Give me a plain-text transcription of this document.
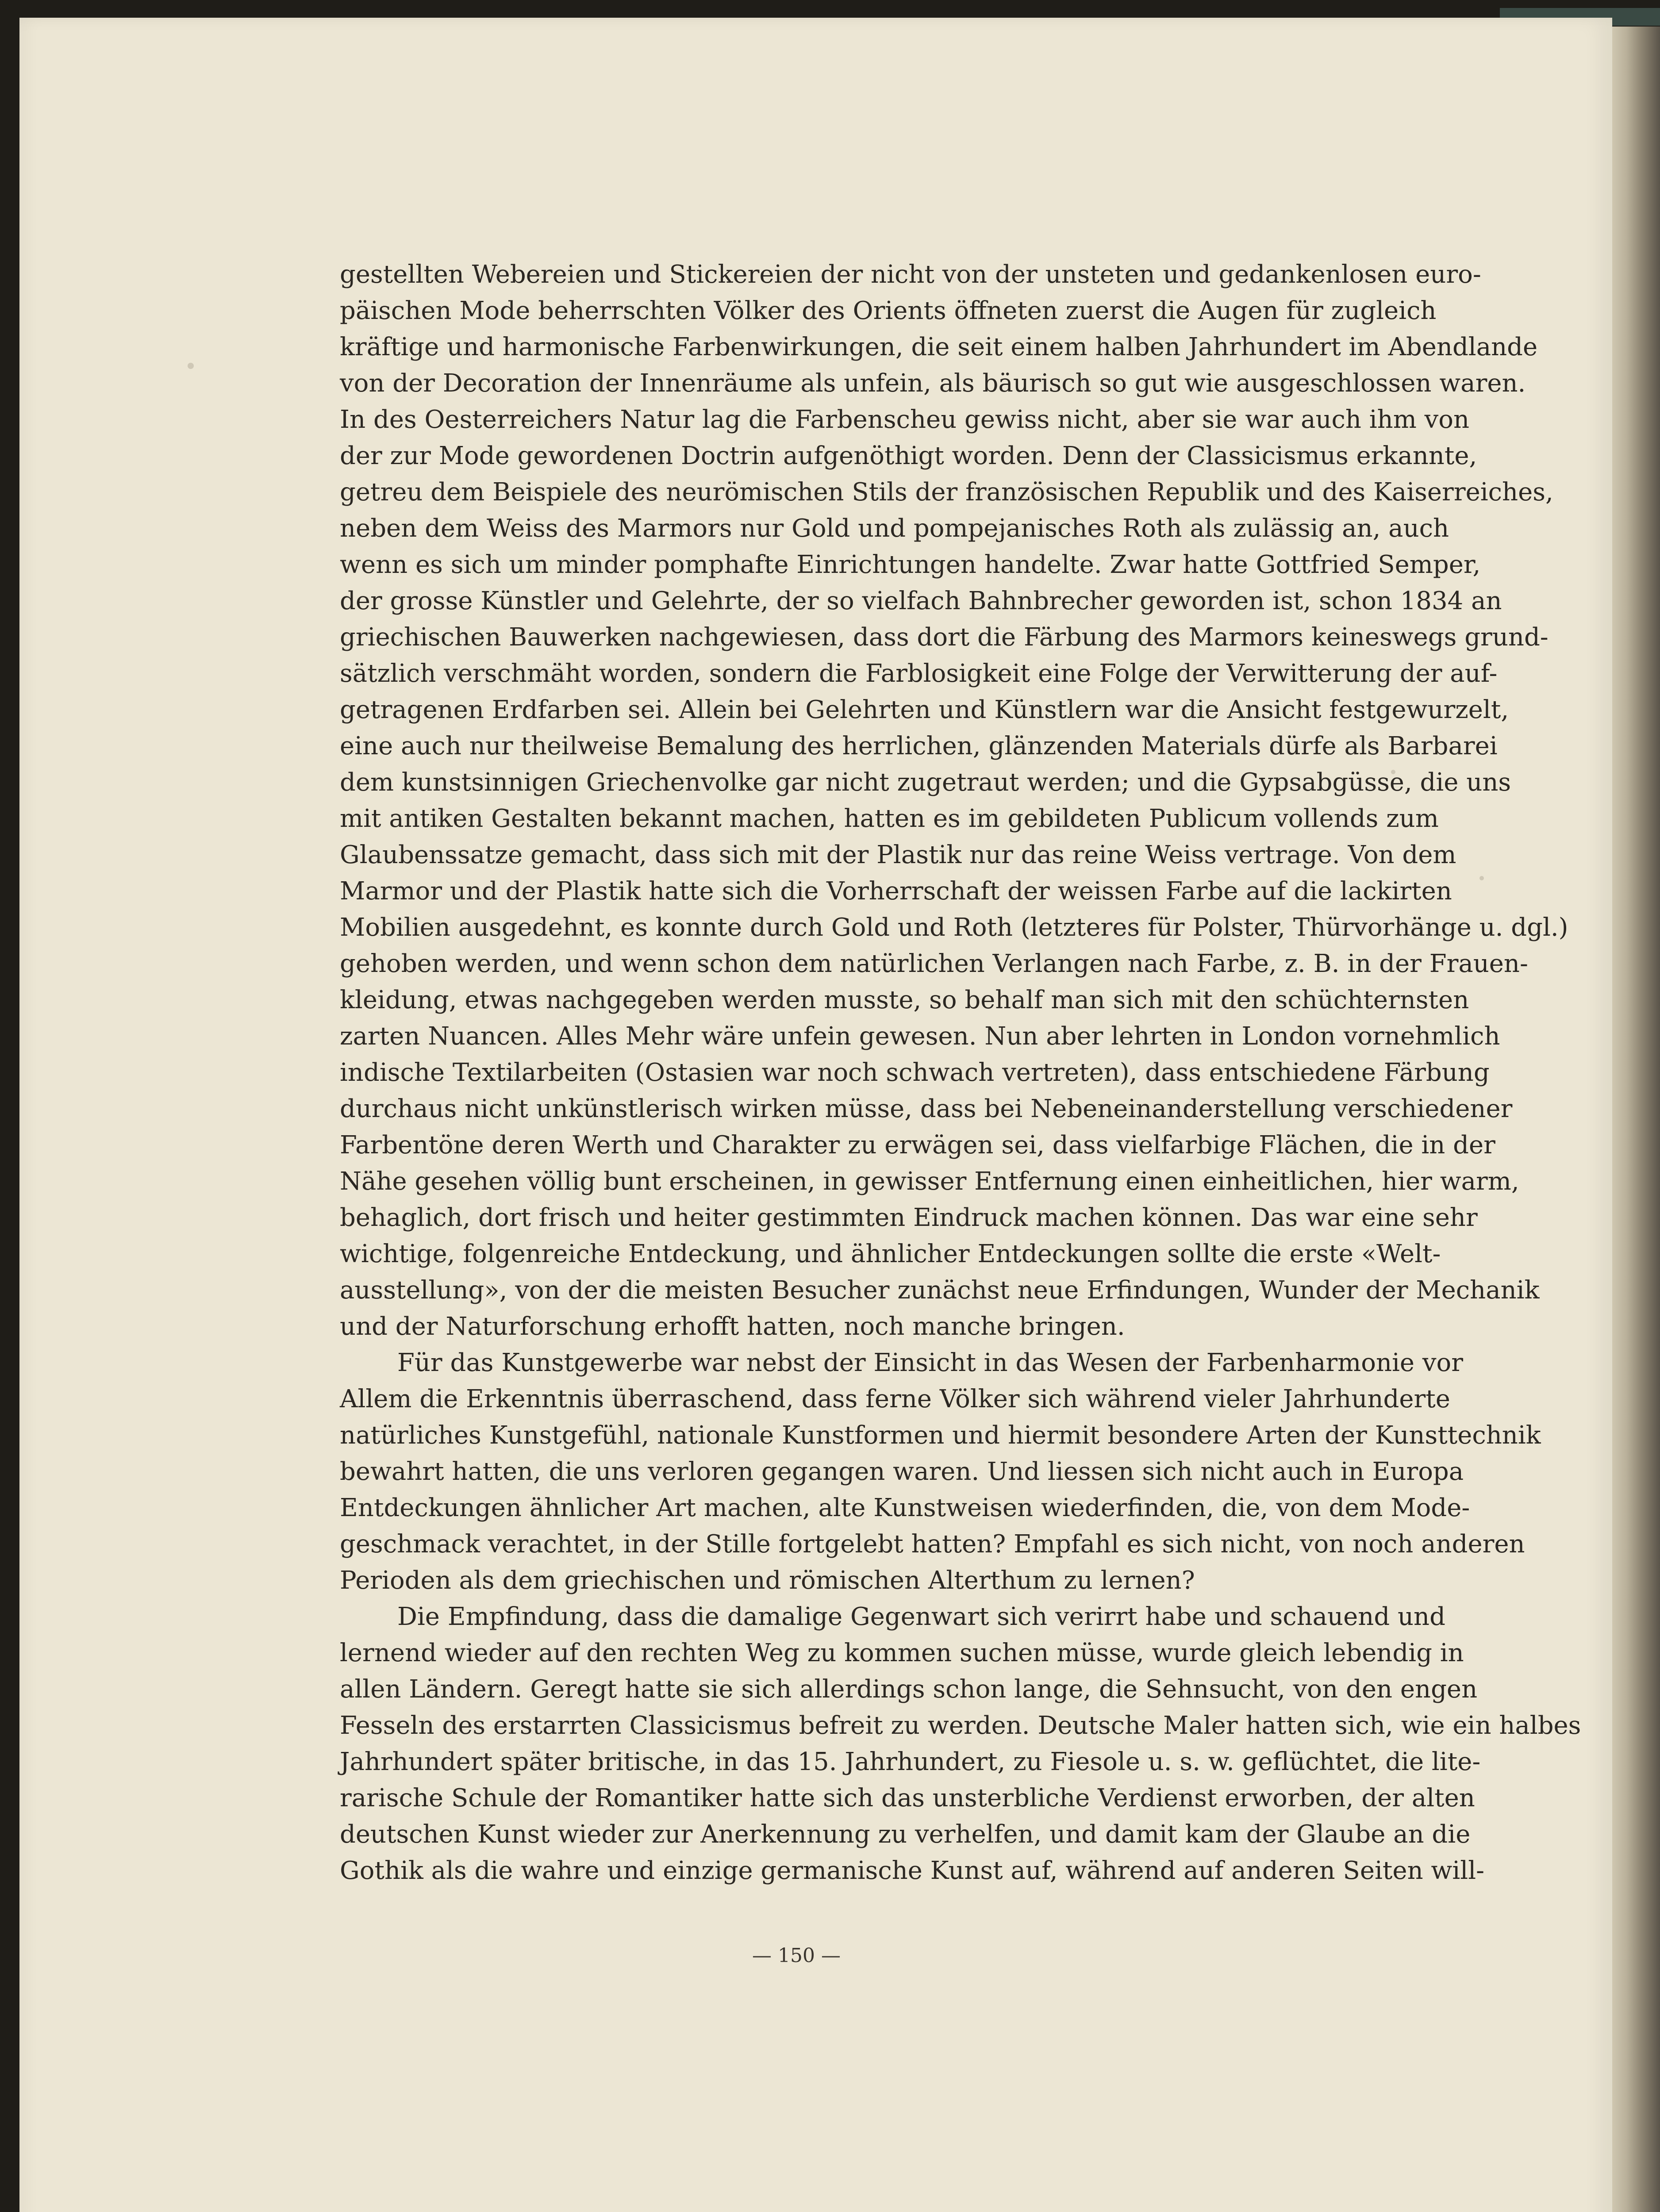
gestellten Webereien und Stickereien der nicht von der unsteten und gedankenlosen euro-
päischen Mode beherrschten Völker des Orients öffneten zuerst die Augen für zugleich
kräftige und harmonische Farbenwirkungen, die seit einem halben Jahrhundert im Abendlande
von der Decoration der Innenräume als unfein, als bäurisch so gut wie ausgeschlossen waren.
In des Oesterreichers Natur lag die Farbenscheu gewiss nicht, aber sie war auch ihm von
der zur Mode gewordenen Doctrin aufgenöthigt worden. Denn der Classicismus erkannte,
getreu dem Beispiele des neurömischen Stils der französischen Republik und des Kaiserreiches,
neben dem Weiss des Marmors nur Gold und pompejanisches Roth als zulässig an, auch
wenn es sich um minder pomphafte Einrichtungen handelte. Zwar hatte Gottfried Semper,
der grosse Künstler und Gelehrte, der so vielfach Bahnbrecher geworden ist, schon 1834 an
griechischen Bauwerken nachgewiesen, dass dort die Färbung des Marmors keineswegs grund-
sätzlich verschmäht worden, sondern die Farblosigkeit eine Folge der Verwitterung der auf-
getragenen Erdfarben sei. Allein bei Gelehrten und Künstlern war die Ansicht festgewurzelt,
eine auch nur theilweise Bemalung des herrlichen, glänzenden Materials dürfe als Barbarei
dem kunstsinnigen Griechenvolke gar nicht zugetraut werden; und die Gypsabgüsse, die uns
mit antiken Gestalten bekannt machen, hatten es im gebildeten Publicum vollends zum
Glaubenssatze gemacht, dass sich mit der Plastik nur das reine Weiss vertrage. Von dem
Marmor und der Plastik hatte sich die Vorherrschaft der weissen Farbe auf die lackirten
Mobilien ausgedehnt, es konnte durch Gold und Roth (letzteres für Polster, Thürvorhänge u. dgl.)
gehoben werden, und wenn schon dem natürlichen Verlangen nach Farbe, z. B. in der Frauen-
kleidung, etwas nachgegeben werden musste, so behalf man sich mit den schüchternsten
zarten Nuancen. Alles Mehr wäre unfein gewesen. Nun aber lehrten in London vornehmlich
indische Textilarbeiten (Ostasien war noch schwach vertreten), dass entschiedene Färbung
durchaus nicht unkünstlerisch wirken müsse, dass bei Nebeneinanderstellung verschiedener
Farbentöne deren Werth und Charakter zu erwägen sei, dass vielfarbige Flächen, die in der
Nähe gesehen völlig bunt erscheinen, in gewisser Entfernung einen einheitlichen, hier warm,
behaglich, dort frisch und heiter gestimmten Eindruck machen können. Das war eine sehr
wichtige, folgenreiche Entdeckung, und ähnlicher Entdeckungen sollte die erste «Welt-
ausstellung», von der die meisten Besucher zunächst neue Erfindungen, Wunder der Mechanik
und der Naturforschung erhofft hatten, noch manche bringen.
Für das Kunstgewerbe war nebst der Einsicht in das Wesen der Farbenharmonie vor
Allem die Erkenntnis überraschend, dass ferne Völker sich während vieler Jahrhunderte
natürliches Kunstgefühl, nationale Kunstformen und hiermit besondere Arten der Kunsttechnik
bewahrt hatten, die uns verloren gegangen waren. Und liessen sich nicht auch in Europa
Entdeckungen ähnlicher Art machen, alte Kunstweisen wiederfinden, die, von dem Mode-
geschmack verachtet, in der Stille fortgelebt hatten? Empfahl es sich nicht, von noch anderen
Perioden als dem griechischen und römischen Alterthum zu lernen?
Die Empfindung, dass die damalige Gegenwart sich verirrt habe und schauend und
lernend wieder auf den rechten Weg zu kommen suchen müsse, wurde gleich lebendig in
allen Ländern. Geregt hatte sie sich allerdings schon lange, die Sehnsucht, von den engen
Fesseln des erstarrten Classicismus befreit zu werden. Deutsche Maler hatten sich, wie ein halbes
Jahrhundert später britische, in das 15. Jahrhundert, zu Fiesole u. s. w. geflüchtet, die lite-
rarische Schule der Romantiker hatte sich das unsterbliche Verdienst erworben, der alten
deutschen Kunst wieder zur Anerkennung zu verhelfen, und damit kam der Glaube an die
Gothik als die wahre und einzige germanische Kunst auf, während auf anderen Seiten will-
— 150 —
